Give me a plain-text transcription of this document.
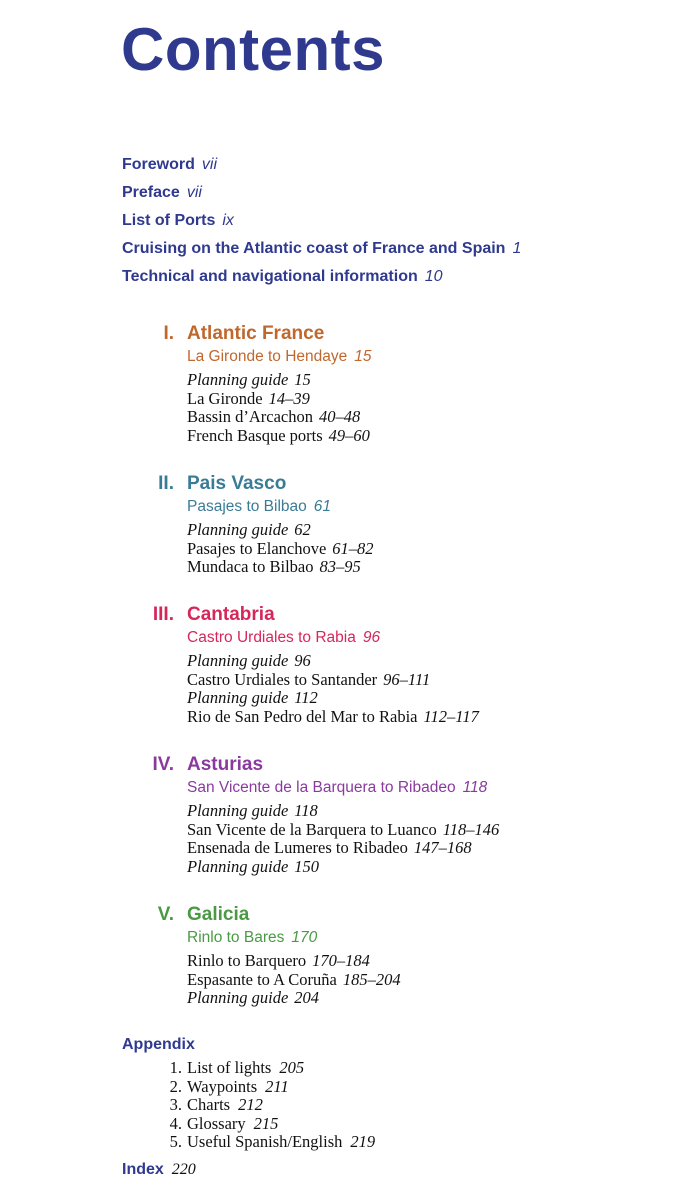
Contents
Foreword vii
Preface vii
List of Ports ix
Cruising on the Atlantic coast of France and Spain 1
Technical and navigational information 10
I. Atlantic France
La Gironde to Hendaye 15
Planning guide 15
La Gironde 14–39
Bassin d’Arcachon 40–48
French Basque ports 49–60
II. Pais Vasco
Pasajes to Bilbao 61
Planning guide 62
Pasajes to Elanchove 61–82
Mundaca to Bilbao 83–95
III. Cantabria
Castro Urdiales to Rabia 96
Planning guide 96
Castro Urdiales to Santander 96–111
Planning guide 112
Rio de San Pedro del Mar to Rabia 112–117
IV. Asturias
San Vicente de la Barquera to Ribadeo 118
Planning guide 118
San Vicente de la Barquera to Luanco 118–146
Ensenada de Lumeres to Ribadeo 147–168
Planning guide 150
V. Galicia
Rinlo to Bares 170
Rinlo to Barquero 170–184
Espasante to A Coruña 185–204
Planning guide 204
Appendix
1. List of lights 205
2. Waypoints 211
3. Charts 212
4. Glossary 215
5. Useful Spanish/English 219
Index 220
